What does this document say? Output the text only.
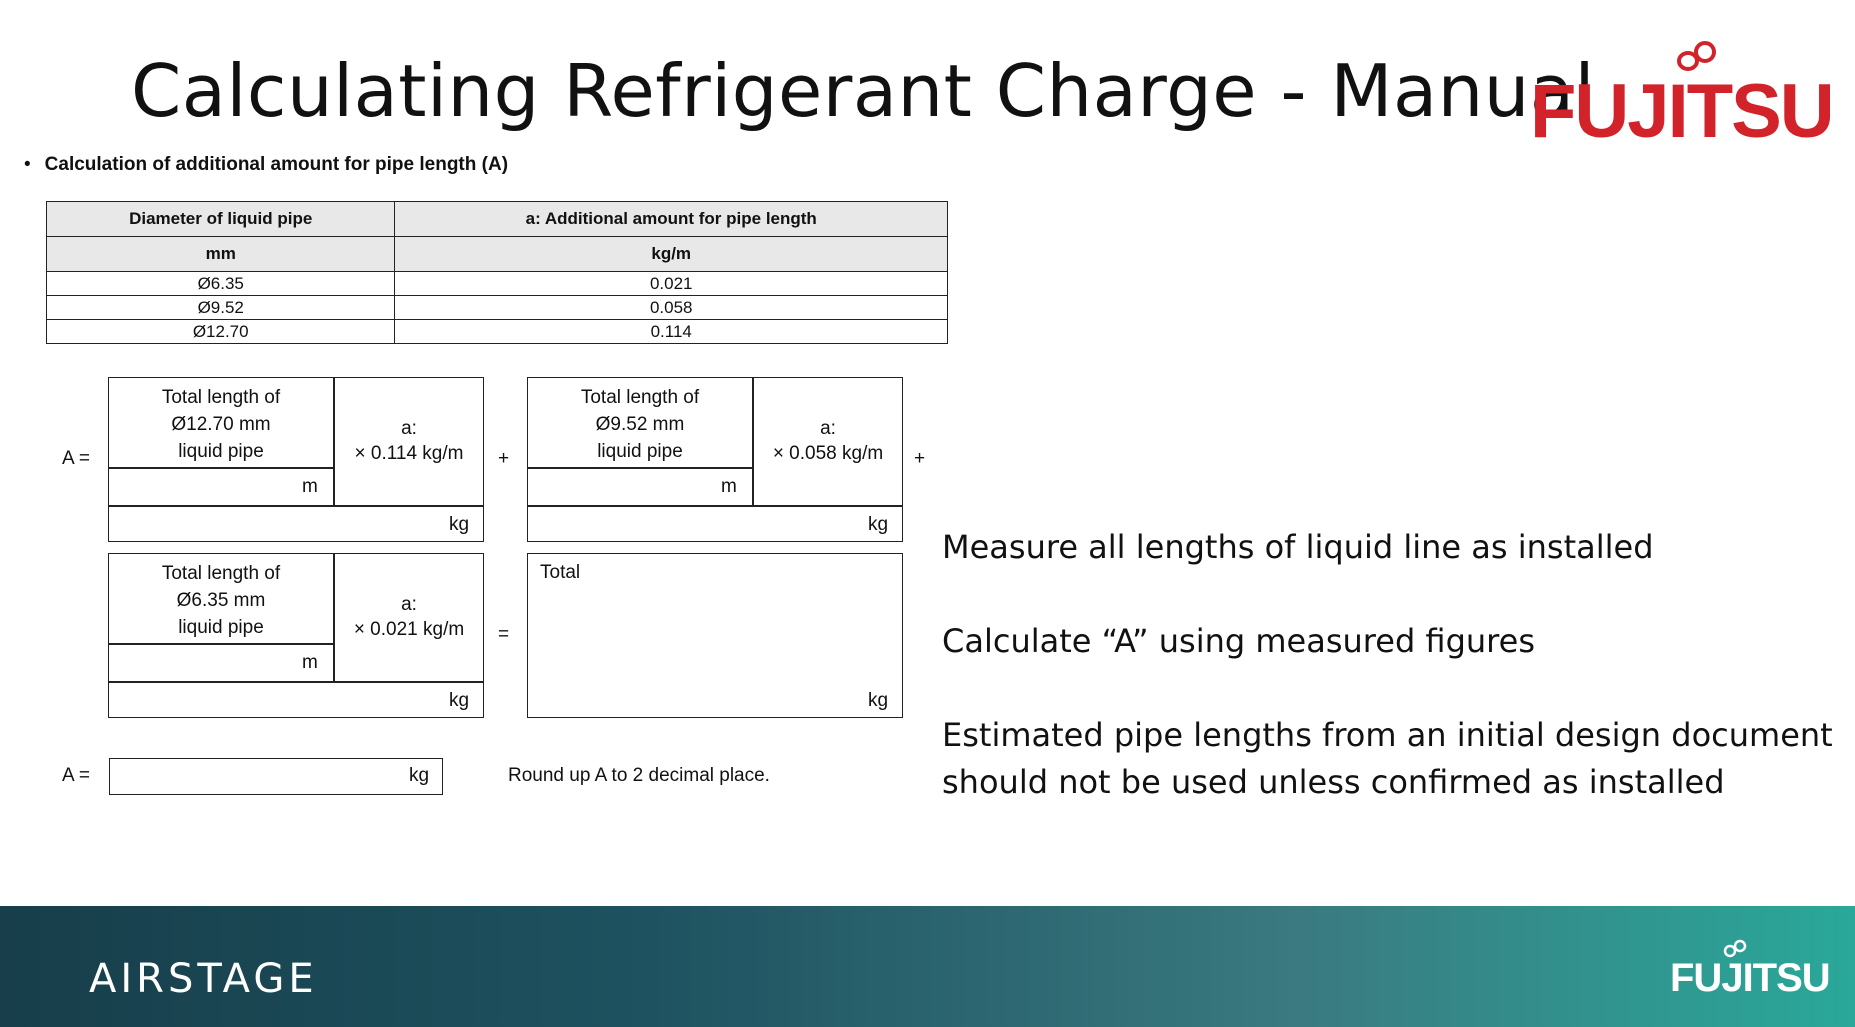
Calculating Refrigerant Charge - Manual
FUJITSU
• Calculation of additional amount for pipe length (A)
Diameter of liquid pipe	a: Additional amount for pipe length
mm	kg/m
Ø6.35	0.021
Ø9.52	0.058
Ø12.70	0.114
A =
Total length of
Ø12.70 mm
liquid pipe
m
a:
× 0.114 kg/m
kg
+
Total length of
Ø9.52 mm
liquid pipe
m
a:
× 0.058 kg/m
kg
+
Total length of
Ø6.35 mm
liquid pipe
m
a:
× 0.021 kg/m
kg
=
Total
kg
A =	kg	Round up A to 2 decimal place.
Measure all lengths of liquid line as installed
Calculate “A” using measured figures
Estimated pipe lengths from an initial design document
should not be used unless confirmed as installed
AIRSTAGE	FUJITSU
